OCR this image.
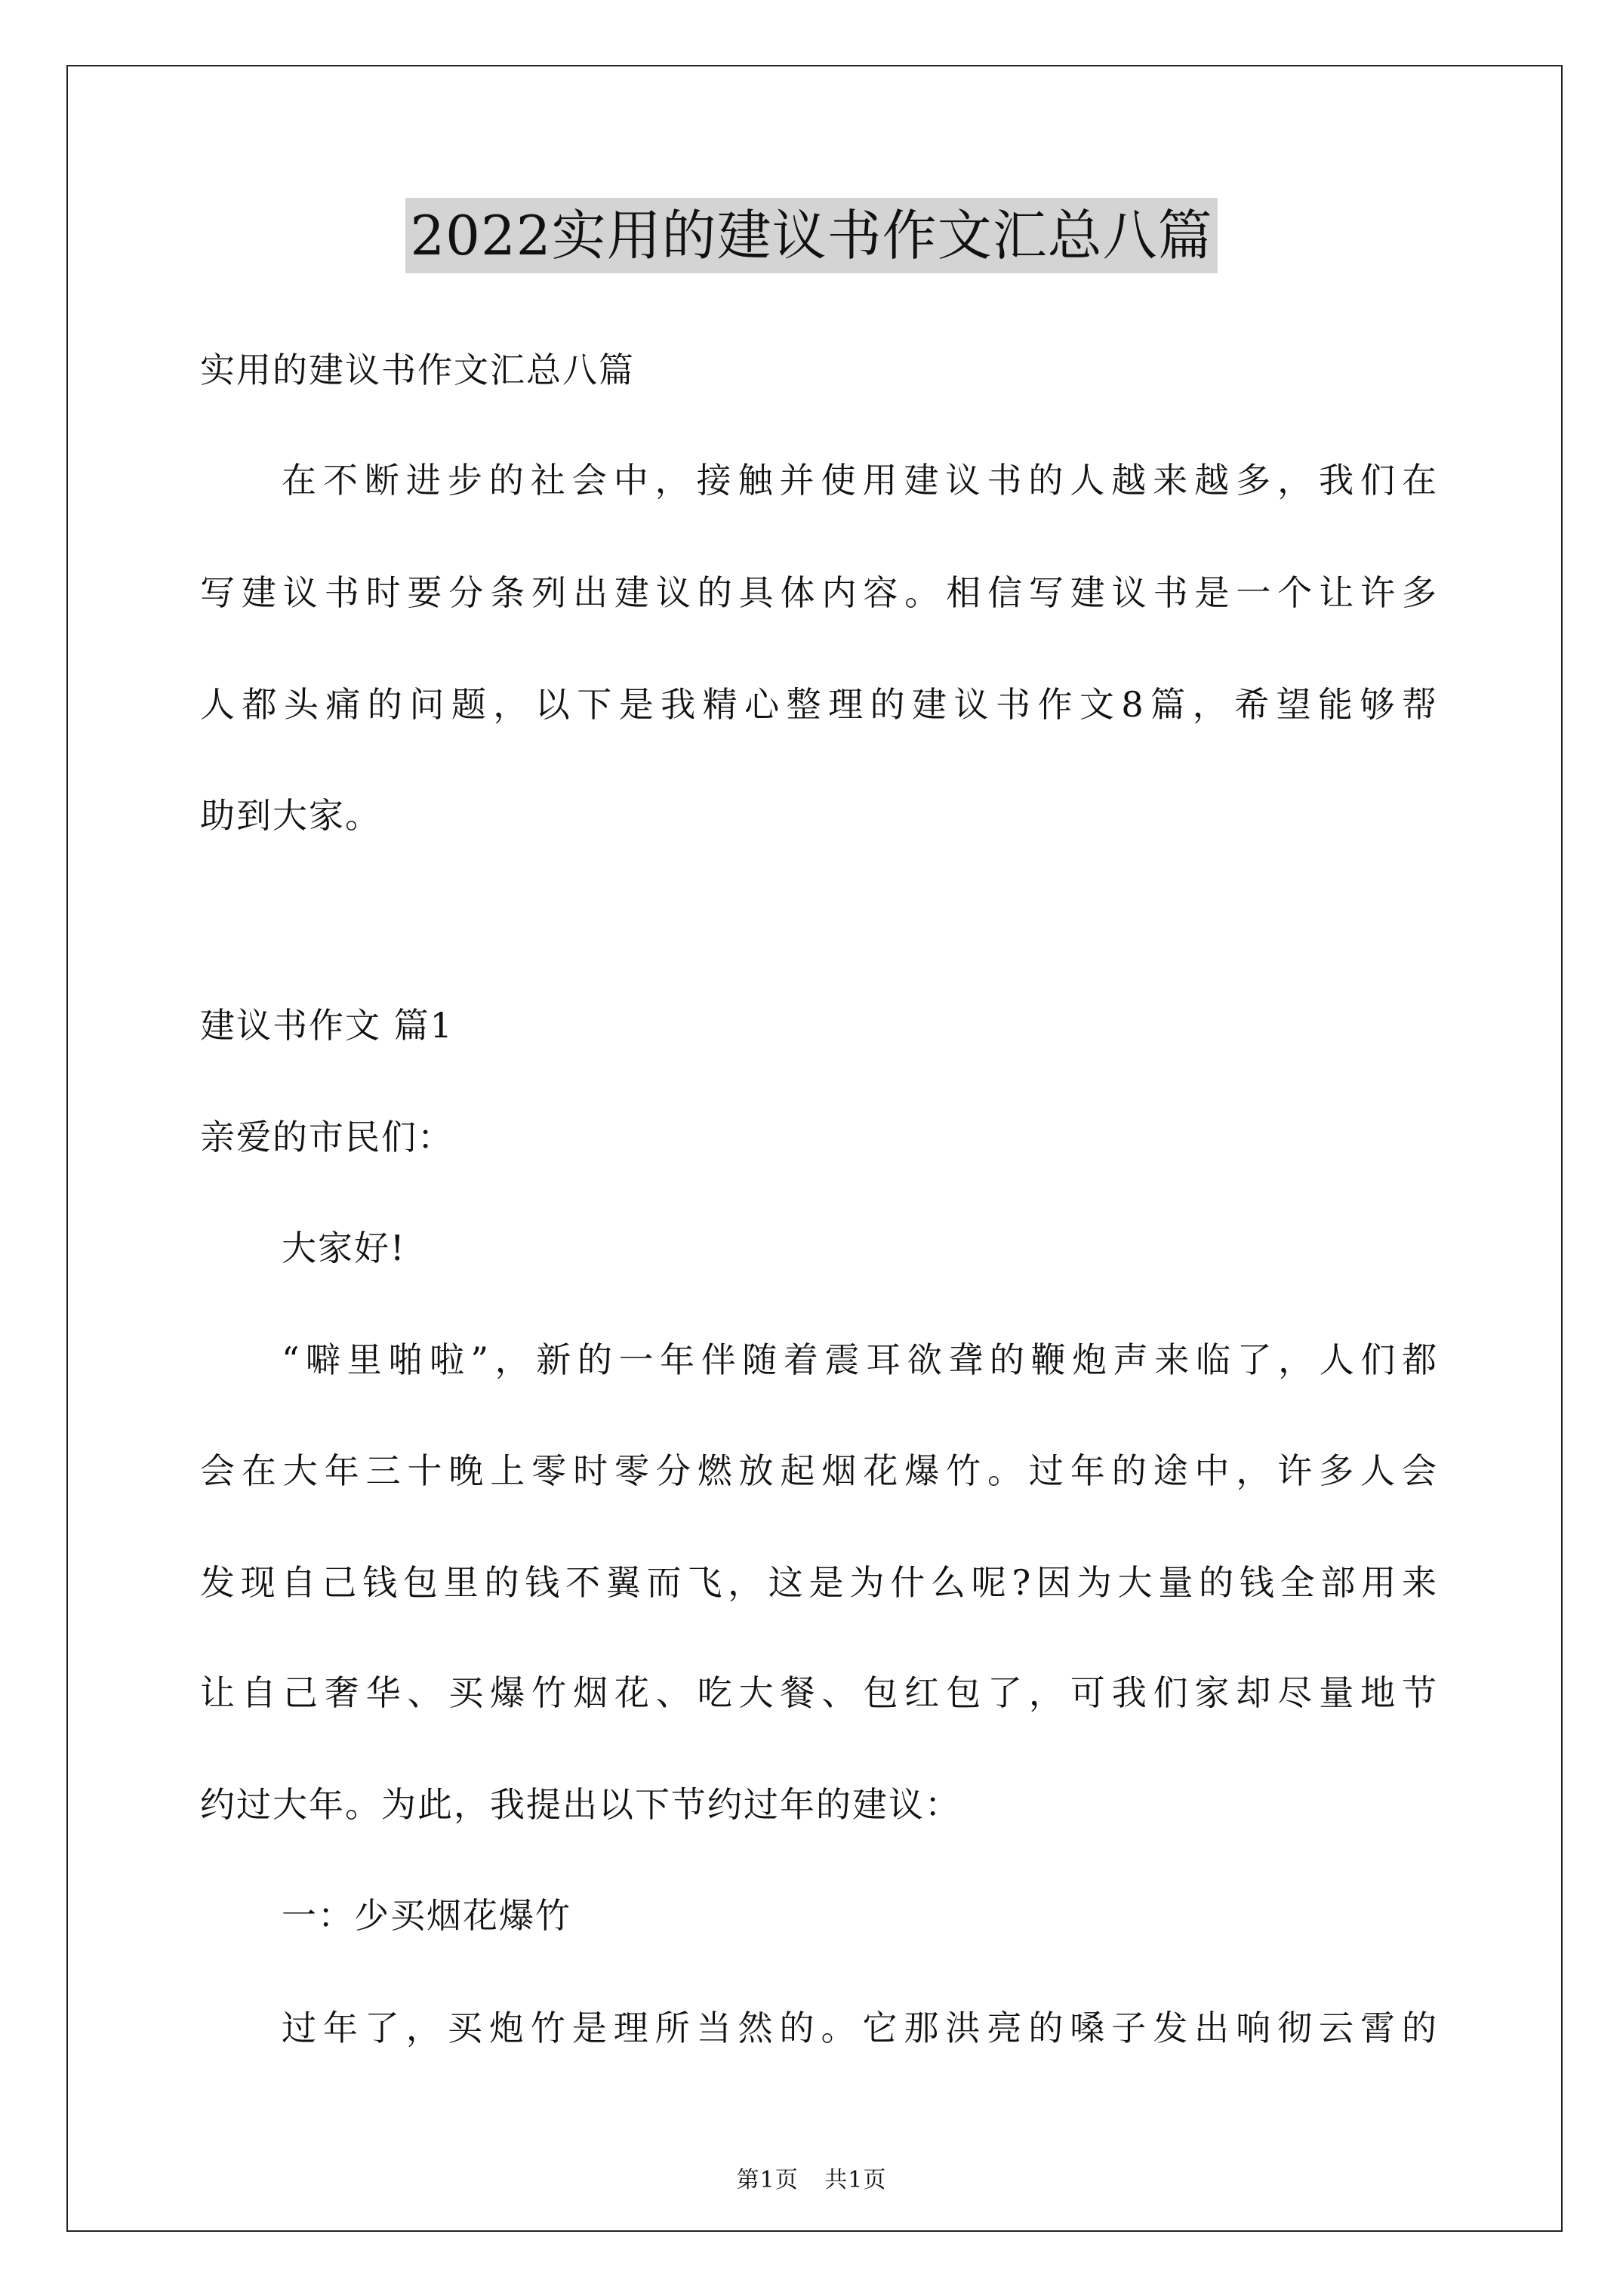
2022实用的建议书作文汇总八篇

实用的建议书作文汇总八篇

在不断进步的社会中，接触并使用建议书的人越来越多，我们在

写建议书时要分条列出建议的具体内容。相信写建议书是一个让许多

人都头痛的问题，以下是我精心整理的建议书作文8篇，希望能够帮

助到大家。

建议书作文 篇1

亲爱的市民们：

大家好!

“噼里啪啦”，新的一年伴随着震耳欲聋的鞭炮声来临了，人们都

会在大年三十晚上零时零分燃放起烟花爆竹。过年的途中，许多人会

发现自己钱包里的钱不翼而飞，这是为什么呢?因为大量的钱全部用来

让自己奢华、买爆竹烟花、吃大餐、包红包了，可我们家却尽量地节

约过大年。为此，我提出以下节约过年的建议：

一：少买烟花爆竹

过年了，买炮竹是理所当然的。它那洪亮的嗓子发出响彻云霄的

第1页 共1页
